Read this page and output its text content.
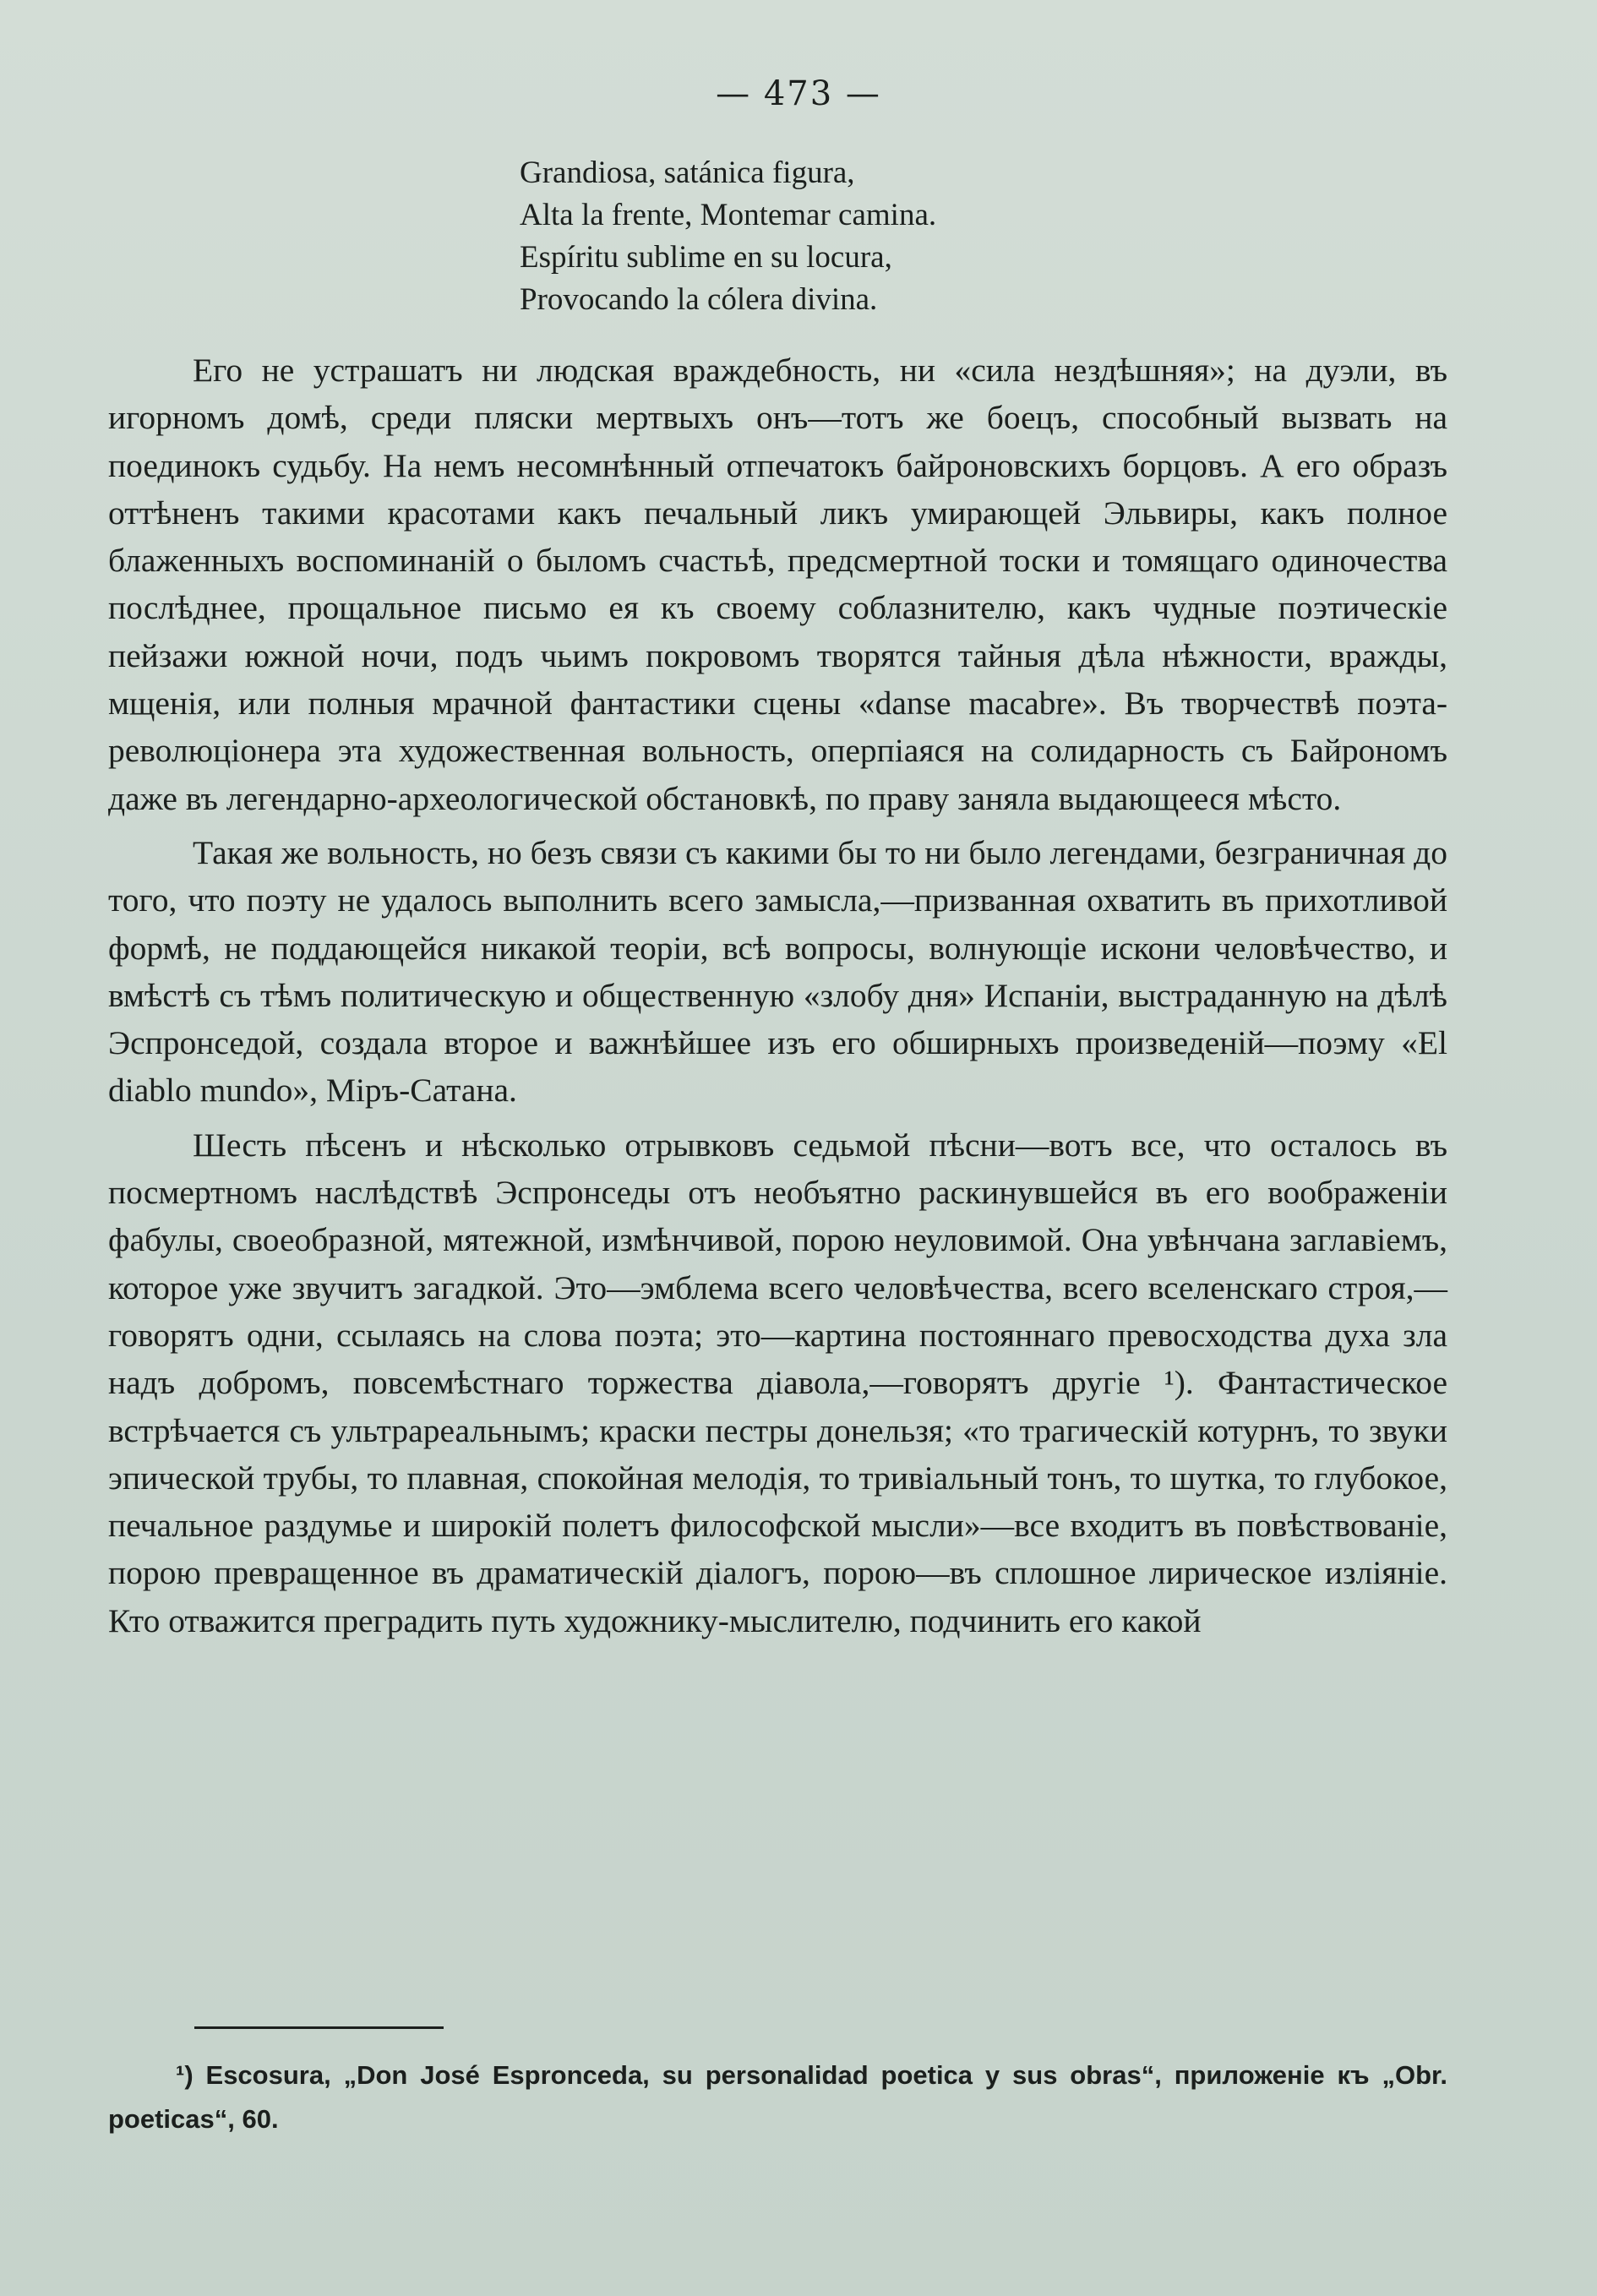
— 473 —
Grandiosa, satánica figura,
Alta la frente, Montemar camina.
Espíritu sublime en su locura,
Provocando la cólera divina.

Его не устрашатъ ни людская враждебность, ни «сила нездѣшняя»; на дуэли, въ игорномъ домѣ, среди пляски мертвыхъ онъ—тотъ же боецъ, способный вызвать на поединокъ судьбу. На немъ несомнѣнный отпечатокъ байроновскихъ борцовъ. А его образъ оттѣненъ такими красотами какъ печальный ликъ умирающей Эльвиры, какъ полное блаженныхъ воспоминаній о быломъ счастьѣ, предсмертной тоски и томящаго одиночества послѣднее, прощальное письмо ея къ своему соблазнителю, какъ чудные поэтическіе пейзажи южной ночи, подъ чьимъ покровомъ творятся тайныя дѣла нѣжности, вражды, мщенія, или полныя мрачной фантастики сцены «danse macabre». Въ творчествѣ поэта-революціонера эта художественная вольность, оперпіаяся на солидарность съ Байрономъ даже въ легендарно-археологической обстановкѣ, по праву заняла выдающееся мѣсто.

Такая же вольность, но безъ связи съ какими бы то ни было легендами, безграничная до того, что поэту не удалось выполнить всего замысла,—призванная охватить въ прихотливой формѣ, не поддающейся никакой теоріи, всѣ вопросы, волнующіе искони человѣчество, и вмѣстѣ съ тѣмъ политическую и общественную «злобу дня» Испаніи, выстраданную на дѣлѣ Эспронседой, создала второе и важнѣйшее изъ его обширныхъ произведеній—поэму «El diablo mundo», Міръ-Сатана.

Шесть пѣсенъ и нѣсколько отрывковъ седьмой пѣсни—вотъ все, что осталось въ посмертномъ наслѣдствѣ Эспронседы отъ необъятно раскинувшейся въ его воображеніи фабулы, своеобразной, мятежной, измѣнчивой, порою неуловимой. Она увѣнчана заглавіемъ, которое уже звучитъ загадкой. Это—эмблема всего человѣчества, всего вселенскаго строя,—говорятъ одни, ссылаясь на слова поэта; это—картина постояннаго превосходства духа зла надъ добромъ, повсемѣстнаго торжества діавола,—говорятъ другіе ¹). Фантастическое встрѣчается съ ультрареальнымъ; краски пестры донельзя; «то трагическій котурнъ, то звуки эпической трубы, то плавная, спокойная мелодія, то тривіальный тонъ, то шутка, то глубокое, печальное раздумье и широкій полетъ философской мысли»—все входитъ въ повѣствованіе, порою превращенное въ драматическій діалогъ, порою—въ сплошное лирическое изліяніе. Кто отважится преградить путь художнику-мыслителю, подчинить его какой

¹) Escosura, „Don José Espronceda, su personalidad poetica y sus obras“, приложеніе къ „Obr. poeticas“, 60.
